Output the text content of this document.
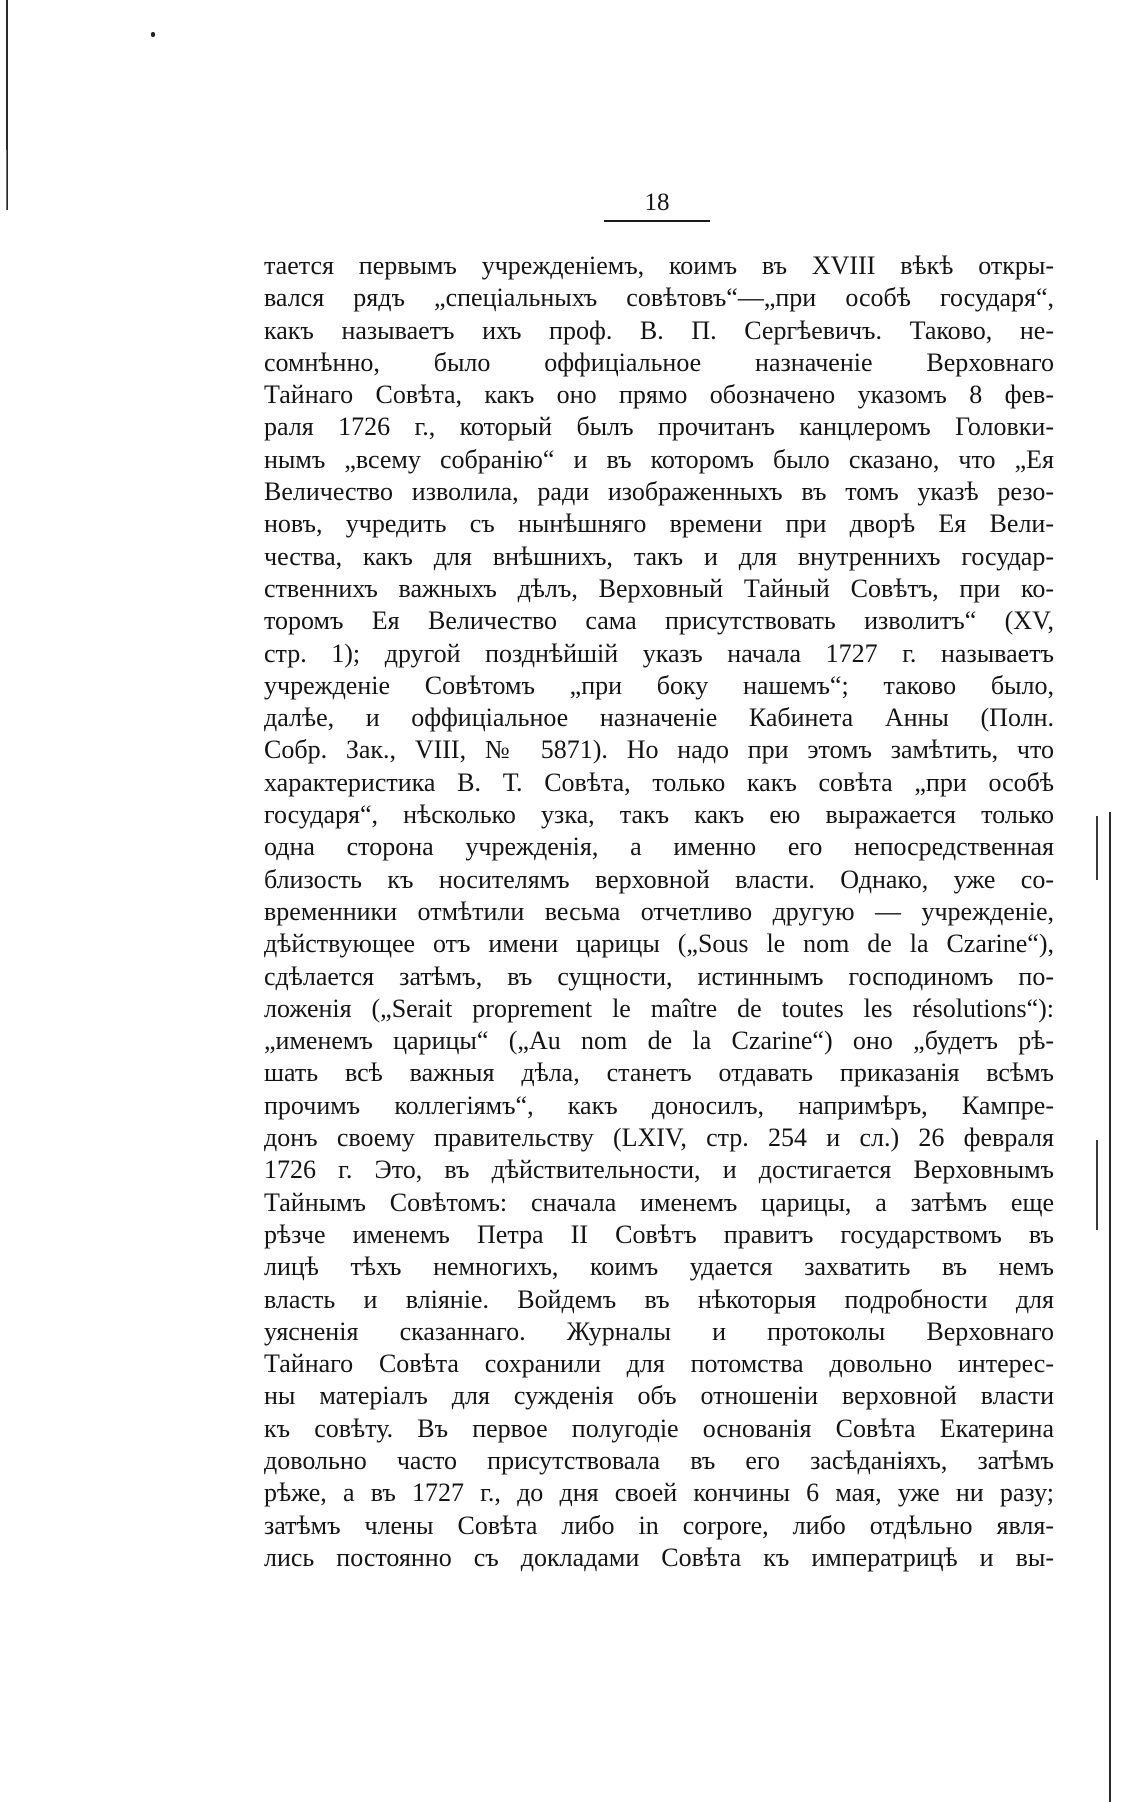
18
тается первымъ учрежденіемъ, коимъ въ XVIII вѣкѣ откры-
вался рядъ „спеціальныхъ совѣтовъ“—„при особѣ государя“,
какъ называетъ ихъ проф. В. П. Сергѣевичъ. Таково, не-
сомнѣнно, было оффиціальное назначеніе Верховнаго
Тайнаго Совѣта, какъ оно прямо обозначено указомъ 8 фев-
раля 1726 г., который былъ прочитанъ канцлеромъ Головки-
нымъ „всему собранію“ и въ которомъ было сказано, что „Ея
Величество изволила, ради изображенныхъ въ томъ указѣ резо-
новъ, учредить съ нынѣшняго времени при дворѣ Ея Вели-
чества, какъ для внѣшнихъ, такъ и для внутреннихъ государ-
ственнихъ важныхъ дѣлъ, Верховный Тайный Совѣтъ, при ко-
торомъ Ея Величество сама присутствовать изволитъ“ (XV,
стр. 1); другой позднѣйшій указъ начала 1727 г. называетъ
учрежденіе Совѣтомъ „при боку нашемъ“; таково было,
далѣе, и оффиціальное назначеніе Кабинета Анны (Полн.
Собр. Зак., VIII, № 5871). Но надо при этомъ замѣтить, что
характеристика В. Т. Совѣта, только какъ совѣта „при особѣ
государя“, нѣсколько узка, такъ какъ ею выражается только
одна сторона учрежденія, а именно его непосредственная
близость къ носителямъ верховной власти. Однако, уже со-
временники отмѣтили весьма отчетливо другую — учрежденіе,
дѣйствующее отъ имени царицы („Sous le nom de la Czarine“),
сдѣлается затѣмъ, въ сущности, истиннымъ господиномъ по-
ложенія („Serait proprement le maître de toutes les résolutions“):
„именемъ царицы“ („Au nom de la Czarine“) оно „будетъ рѣ-
шать всѣ важныя дѣла, станетъ отдавать приказанія всѣмъ
прочимъ коллегіямъ“, какъ доносилъ, напримѣръ, Кампре-
донъ своему правительству (LXIV, стр. 254 и сл.) 26 февраля
1726 г. Это, въ дѣйствительности, и достигается Верховнымъ
Тайнымъ Совѣтомъ: сначала именемъ царицы, а затѣмъ еще
рѣзче именемъ Петра II Совѣтъ правитъ государствомъ въ
лицѣ тѣхъ немногихъ, коимъ удается захватить въ немъ
власть и вліяніе. Войдемъ въ нѣкоторыя подробности для
уясненія сказаннаго. Журналы и протоколы Верховнаго
Тайнаго Совѣта сохранили для потомства довольно интерес-
ны матеріалъ для сужденія объ отношеніи верховной власти
къ совѣту. Въ первое полугодіе основанія Совѣта Екатерина
довольно часто присутствовала въ его засѣданіяхъ, затѣмъ
рѣже, а въ 1727 г., до дня своей кончины 6 мая, уже ни разу;
затѣмъ члены Совѣта либо in corpore, либо отдѣльно явля-
лись постоянно съ докладами Совѣта къ императрицѣ и вы-
